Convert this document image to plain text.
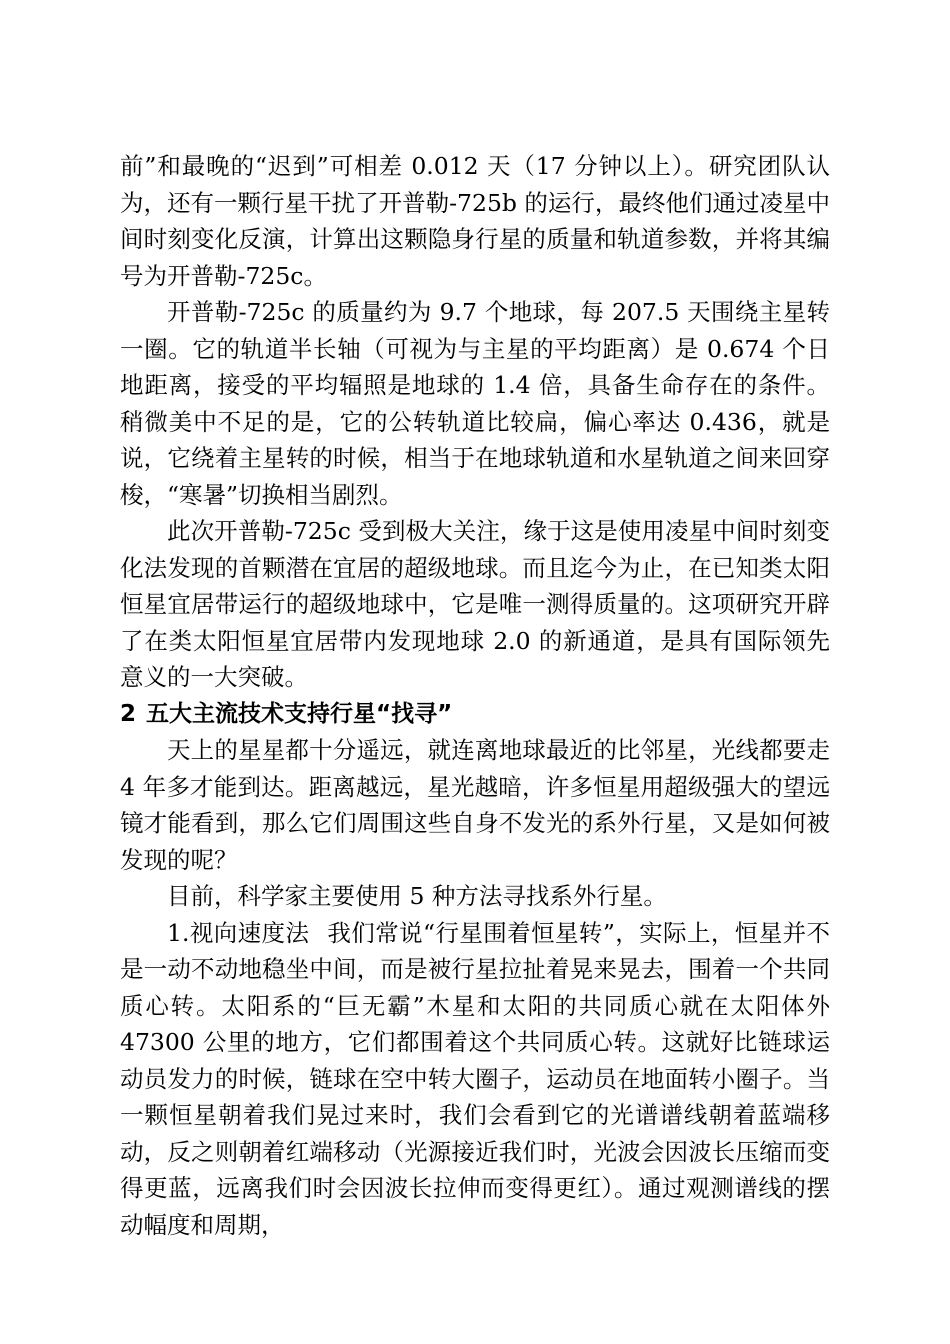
前”和最晚的“迟到”可相差 0.012 天（17 分钟以上）。研究团队认为，还有一颗行星干扰了开普勒-725b 的运行，最终他们通过凌星中间时刻变化反演，计算出这颗隐身行星的质量和轨道参数，并将其编号为开普勒-725c。

开普勒-725c 的质量约为 9.7 个地球，每 207.5 天围绕主星转一圈。它的轨道半长轴（可视为与主星的平均距离）是 0.674 个日地距离，接受的平均辐照是地球的 1.4 倍，具备生命存在的条件。稍微美中不足的是，它的公转轨道比较扁，偏心率达 0.436，就是说，它绕着主星转的时候，相当于在地球轨道和水星轨道之间来回穿梭，“寒暑”切换相当剧烈。

此次开普勒-725c 受到极大关注，缘于这是使用凌星中间时刻变化法发现的首颗潜在宜居的超级地球。而且迄今为止，在已知类太阳恒星宜居带运行的超级地球中，它是唯一测得质量的。这项研究开辟了在类太阳恒星宜居带内发现地球 2.0 的新通道，是具有国际领先意义的一大突破。

2 五大主流技术支持行星“找寻”

天上的星星都十分遥远，就连离地球最近的比邻星，光线都要走 4 年多才能到达。距离越远，星光越暗，许多恒星用超级强大的望远镜才能看到，那么它们周围这些自身不发光的系外行星，又是如何被发现的呢？

目前，科学家主要使用 5 种方法寻找系外行星。

1.视向速度法 我们常说“行星围着恒星转”，实际上，恒星并不是一动不动地稳坐中间，而是被行星拉扯着晃来晃去，围着一个共同质心转。太阳系的“巨无霸”木星和太阳的共同质心就在太阳体外 47300 公里的地方，它们都围着这个共同质心转。这就好比链球运动员发力的时候，链球在空中转大圈子，运动员在地面转小圈子。当一颗恒星朝着我们晃过来时，我们会看到它的光谱谱线朝着蓝端移动，反之则朝着红端移动（光源接近我们时，光波会因波长压缩而变得更蓝，远离我们时会因波长拉伸而变得更红）。通过观测谱线的摆动幅度和周期，
